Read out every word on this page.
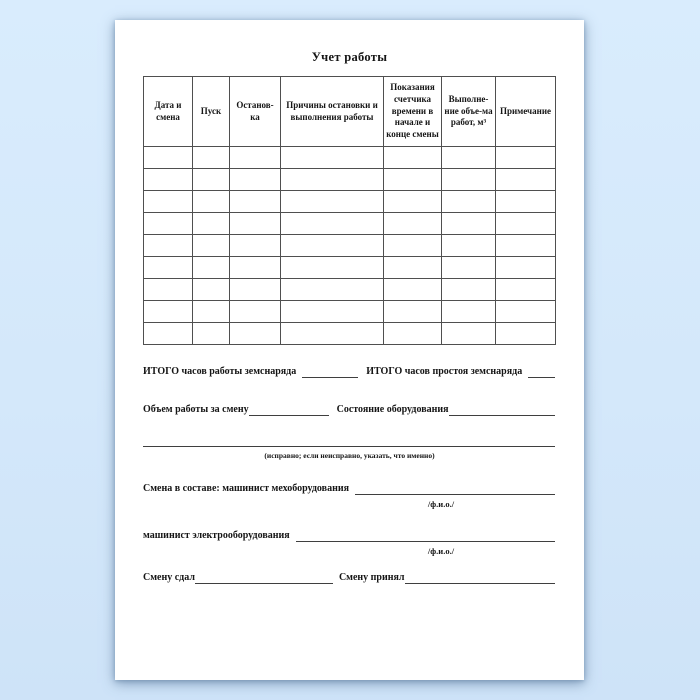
Учет работы
Дата и смена	Пуск	Останов-ка	Причины остановки и выполнения работы	Показания счетчика времени в начале и конце смены	Выполне-ние объе-ма работ, м³	Примечание

ИТОГО часов работы земснаряда	ИТОГО часов простоя земснаряда
Объем работы за смену	Состояние оборудования
(исправно; если неисправно, указать, что именно)
Смена в составе: машинист мехоборудования
/ф.и.о./
машинист электрооборудования
/ф.и.о./
Смену сдал	Смену принял
